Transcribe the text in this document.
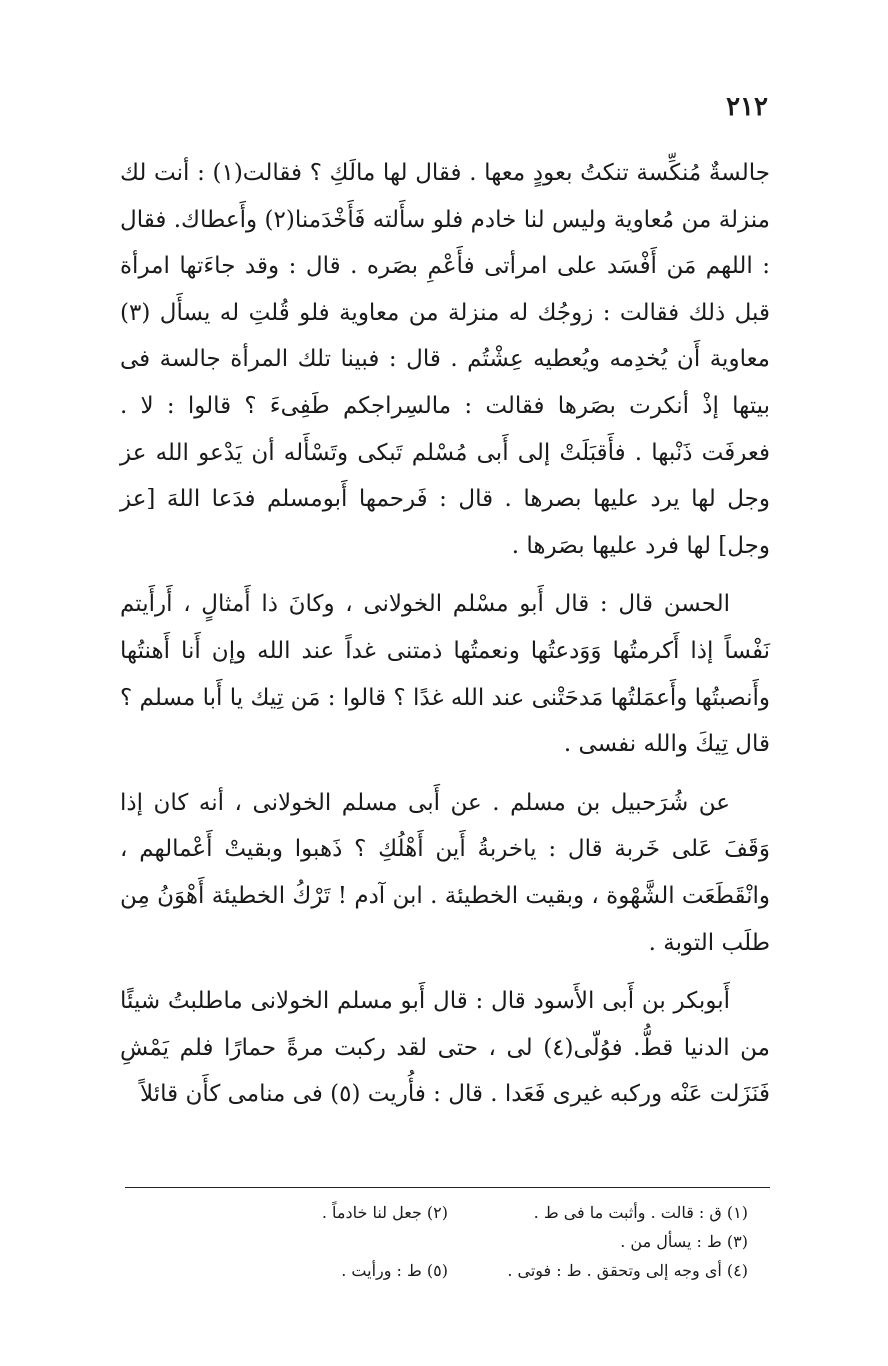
٢١٢

جالسةٌ مُنكِّسة تنكتُ بعودٍ معها . فقال لها مالَكِ ؟ فقالت(١) : أنت لك منزلة من مُعاوية وليس لنا خادم فلو سأَلته فَأَخْدَمنا(٢) وأَعطاك. فقال : اللهم مَن أَفْسَد على امرأتى فأَعْمِ بصَره . قال : وقد جاءَتها امرأة قبل ذلك فقالت : زوجُك له منزلة من معاوية فلو قُلتِ له يسأَل (٣) معاوية أَن يُخدِمه ويُعطيه عِشْتُم . قال : فبينا تلك المرأة جالسة فى بيتها إذْ أنكرت بصَرها فقالت : مالسِراجكم طَفِىءَ ؟ قالوا : لا . فعرفَت ذَنْبها . فأَقبَلَتْ إلى أَبى مُسْلم تَبكى وتَسْأَله أن يَدْعو الله عز وجل لها يرد عليها بصرها . قال : فَرحمها أَبومسلم فدَعا اللهَ [عز وجل] لها فرد عليها بصَرها .

الحسن قال : قال أَبو مسْلم الخولانى ، وكانَ ذا أَمثالٍ ، أَرأَيتم نَفْساً إذا أَكرمتُها وَوَدعتُها ونعمتُها ذمتنى غداً عند الله وإن أَنا أَهنتُها وأَنصبتُها وأَعمَلتُها مَدحَتْنى عند الله غدًا ؟ قالوا : مَن تِيك يا أَبا مسلم ؟ قال تِيكَ والله نفسى .

عن شُرَحبيل بن مسلم . عن أَبى مسلم الخولانى ، أنه كان إذا وَقَفَ عَلى خَربة قال : ياخربةُ أَين أَهْلُكِ ؟ ذَهبوا وبقيتْ أَعْمالهم ، وانْقَطَعَت الشَّهْوة ، وبقيت الخطيئة . ابن آدم ! تَرْكُ الخطيئة أَهْوَنُ مِن طلَب التوبة .

أَبوبكر بن أَبى الأَسود قال : قال أَبو مسلم الخولانى ماطلبتُ شيئًا من الدنيا قطُّ. فوُلّى(٤) لى ، حتى لقد ركبت مرةً حمارًا فلم يَمْشِ فَنَزَلت عَنْه وركبه غيرى فَعَدا . قال : فأُريت (٥) فى منامى كأَن قائلاً

(١) ق : قالت . وأثبت ما فى ط .
(٢) جعل لنا خادماً .
(٣) ط : يسأل من .
(٤) أى وجه إلى وتحقق . ط : فوتى .
(٥) ط : ورأيت .
